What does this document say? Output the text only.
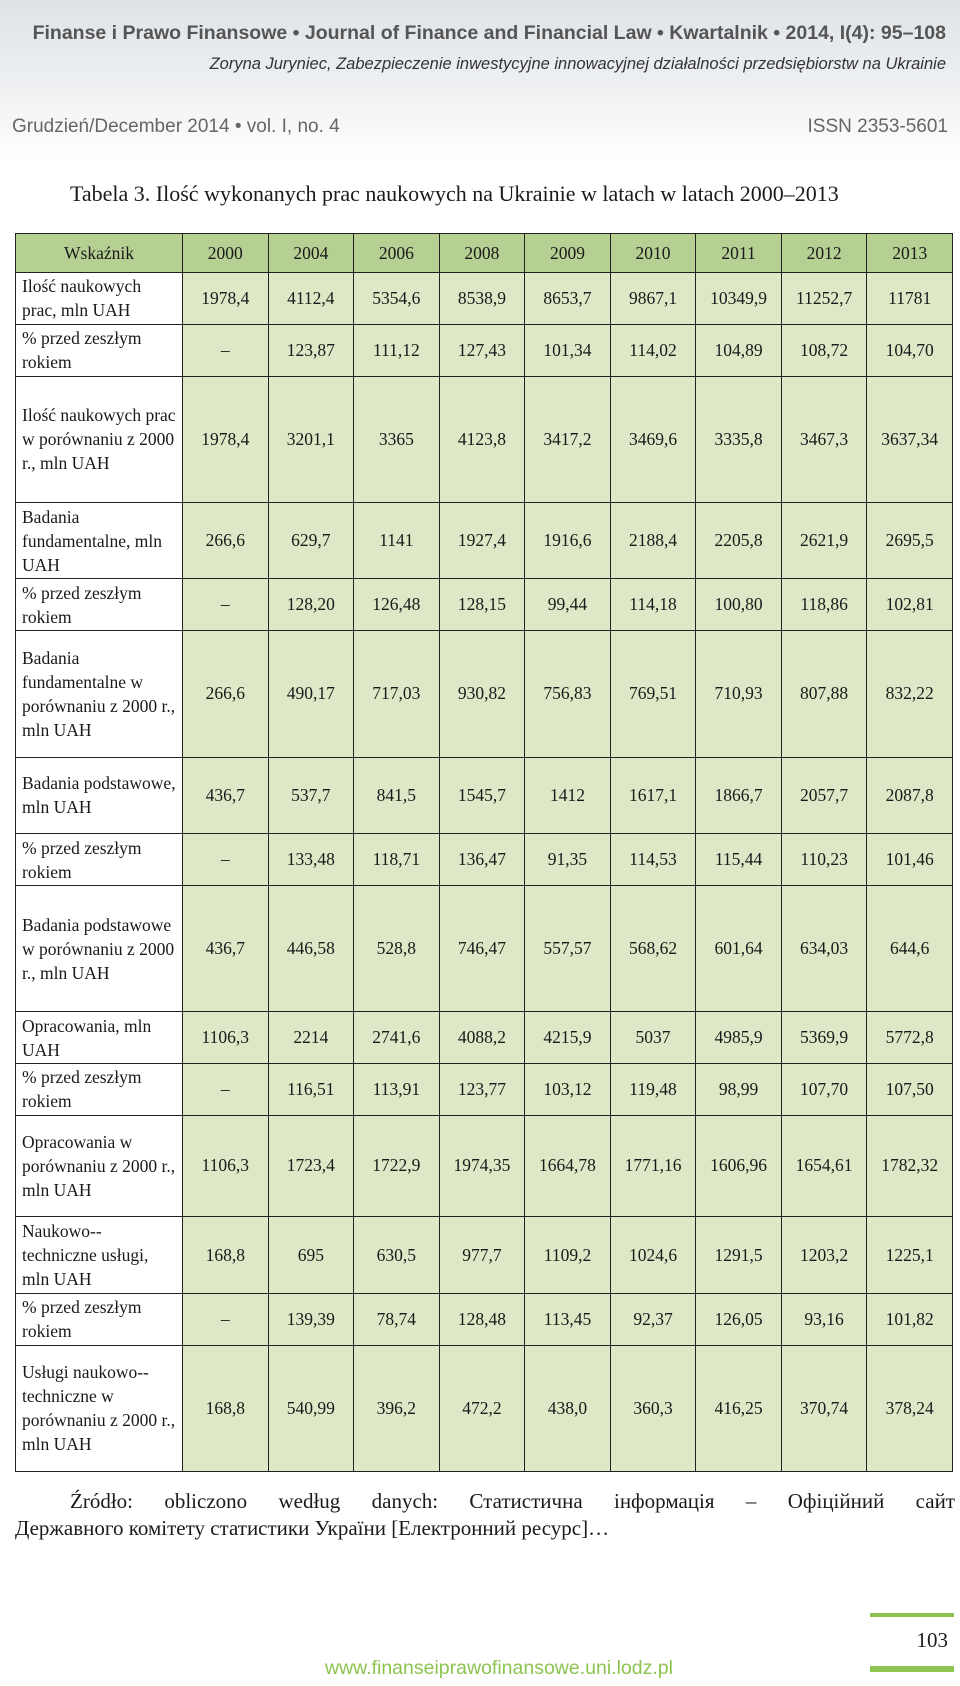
Finanse i Prawo Finansowe • Journal of Finance and Financial Law • Kwartalnik • 2014, I(4): 95–108
Zoryna Juryniec, Zabezpieczenie inwestycyjne innowacyjnej działalności przedsiębiorstw na Ukrainie
Grudzień/December 2014 • vol. I, no. 4	ISSN 2353-5601
Tabela 3. Ilość wykonanych prac naukowych na Ukrainie w latach w latach 2000–2013
Wskaźnik	2000	2004	2006	2008	2009	2010	2011	2012	2013
Ilość naukowych prac, mln UAH	1978,4	4112,4	5354,6	8538,9	8653,7	9867,1	10349,9	11252,7	11781
% przed zeszłym rokiem	–	123,87	111,12	127,43	101,34	114,02	104,89	108,72	104,70
Ilość naukowych prac w porównaniu z 2000 r., mln UAH	1978,4	3201,1	3365	4123,8	3417,2	3469,6	3335,8	3467,3	3637,34
Badania fundamentalne, mln UAH	266,6	629,7	1141	1927,4	1916,6	2188,4	2205,8	2621,9	2695,5
% przed zeszłym rokiem	–	128,20	126,48	128,15	99,44	114,18	100,80	118,86	102,81
Badania fundamentalne w porównaniu z 2000 r., mln UAH	266,6	490,17	717,03	930,82	756,83	769,51	710,93	807,88	832,22
Badania podstawowe, mln UAH	436,7	537,7	841,5	1545,7	1412	1617,1	1866,7	2057,7	2087,8
% przed zeszłym rokiem	–	133,48	118,71	136,47	91,35	114,53	115,44	110,23	101,46
Badania podstawowe w porównaniu z 2000 r., mln UAH	436,7	446,58	528,8	746,47	557,57	568,62	601,64	634,03	644,6
Opracowania, mln UAH	1106,3	2214	2741,6	4088,2	4215,9	5037	4985,9	5369,9	5772,8
% przed zeszłym rokiem	–	116,51	113,91	123,77	103,12	119,48	98,99	107,70	107,50
Opracowania w porównaniu z 2000 r., mln UAH	1106,3	1723,4	1722,9	1974,35	1664,78	1771,16	1606,96	1654,61	1782,32
Naukowo--techniczne usługi, mln UAH	168,8	695	630,5	977,7	1109,2	1024,6	1291,5	1203,2	1225,1
% przed zeszłym rokiem	–	139,39	78,74	128,48	113,45	92,37	126,05	93,16	101,82
Usługi naukowo--techniczne w porównaniu z 2000 r., mln UAH	168,8	540,99	396,2	472,2	438,0	360,3	416,25	370,74	378,24
Źródło: obliczono według danych: Статистична інформація – Офіційний сайт
Державного комітету статистики України [Електронний ресурс]…
103
www.finanseiprawofinansowe.uni.lodz.pl
